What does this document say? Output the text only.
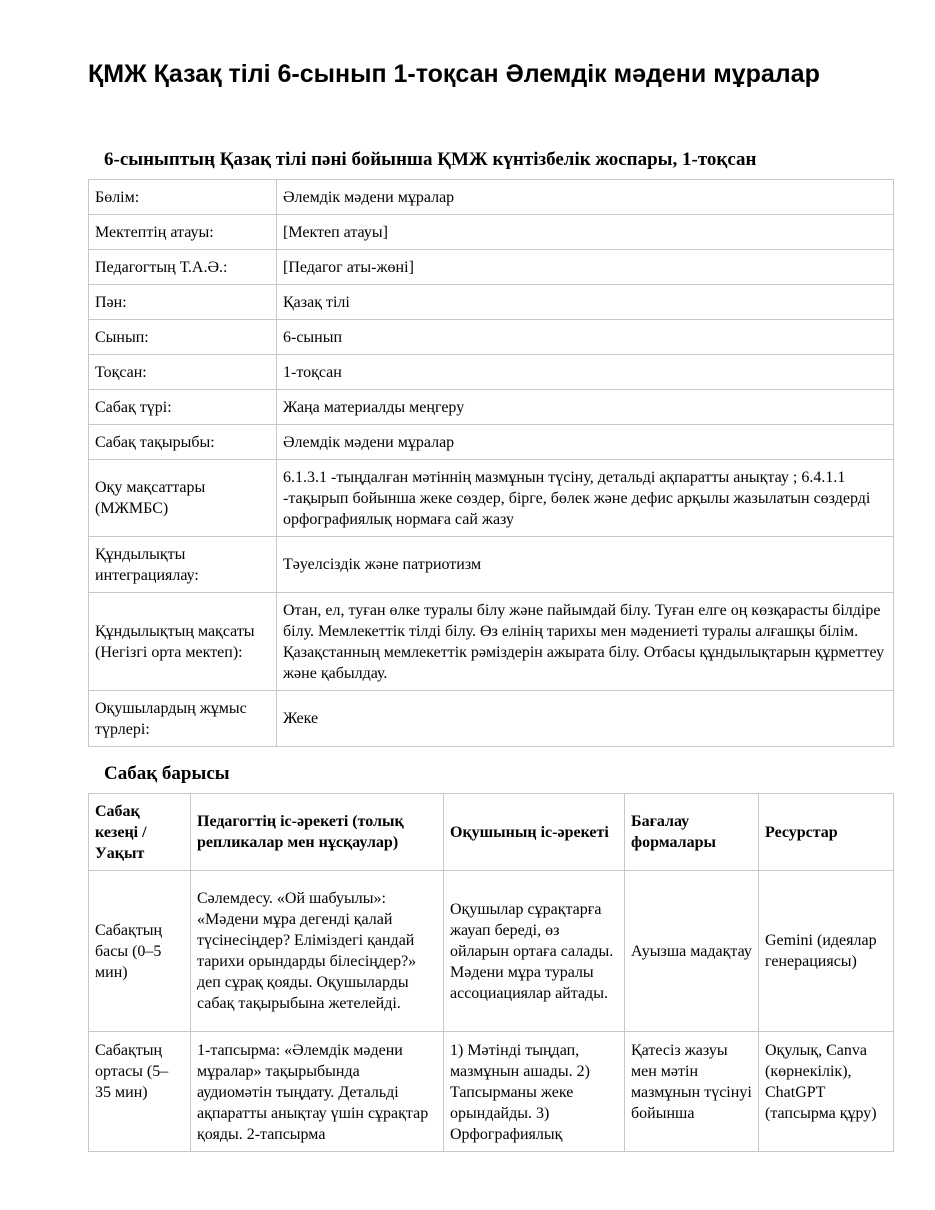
ҚМЖ Қазақ тілі 6-сынып 1-тоқсан Әлемдік мәдени мұралар

6-сыныптың Қазақ тілі пәні бойынша ҚМЖ күнтізбелік жоспары, 1-тоқсан

Бөлім:	Әлемдік мәдени мұралар
Мектептің атауы:	[Мектеп атауы]
Педагогтың Т.А.Ә.:	[Педагог аты-жөні]
Пән:	Қазақ тілі
Сынып:	6-сынып
Тоқсан:	1-тоқсан
Сабақ түрі:	Жаңа материалды меңгеру
Сабақ тақырыбы:	Әлемдік мәдени мұралар
Оқу мақсаттары (МЖМБС)	6.1.3.1 -тыңдалған мәтіннің мазмұнын түсіну, детальді ақпаратты анықтау ; 6.4.1.1 -тақырып бойынша жеке сөздер, бірге, бөлек және дефис арқылы жазылатын сөздерді орфографиялық нормаға сай жазу
Құндылықты интеграциялау:	Тәуелсіздік және патриотизм
Құндылықтың мақсаты (Негізгі орта мектеп):	Отан, ел, туған өлке туралы білу және пайымдай білу. Туған елге оң көзқарасты білдіре білу. Мемлекеттік тілді білу. Өз елінің тарихы мен мәдениеті туралы алғашқы білім. Қазақстанның мемлекеттік рәміздерін ажырата білу. Отбасы құндылықтарын құрметтеу және қабылдау.
Оқушылардың жұмыс түрлері:	Жеке

Сабақ барысы

Сабақ кезеңі / Уақыт	Педагогтің іс-әрекеті (толық репликалар мен нұсқаулар)	Оқушының іс-әрекеті	Бағалау формалары	Ресурстар
Сабақтың басы (0–5 мин)	Сәлемдесу. «Ой шабуылы»: «Мәдени мұра дегенді қалай түсінесіңдер? Еліміздегі қандай тарихи орындарды білесіңдер?» деп сұрақ қояды. Оқушыларды сабақ тақырыбына жетелейді.	Оқушылар сұрақтарға жауап береді, өз ойларын ортаға салады. Мәдени мұра туралы ассоциациялар айтады.	Ауызша мадақтау	Gemini (идеялар генерациясы)
Сабақтың ортасы (5–35 мин)	1-тапсырма: «Әлемдік мәдени мұралар» тақырыбында аудиомәтін тыңдату. Детальді ақпаратты анықтау үшін сұрақтар қояды. 2-тапсырма	1) Мәтінді тыңдап, мазмұнын ашады. 2) Тапсырманы жеке орындайды. 3) Орфографиялық	Қатесіз жазуы мен мәтін мазмұнын түсінуі бойынша	Оқулық, Canva (көрнекілік), ChatGPT (тапсырма құру)
